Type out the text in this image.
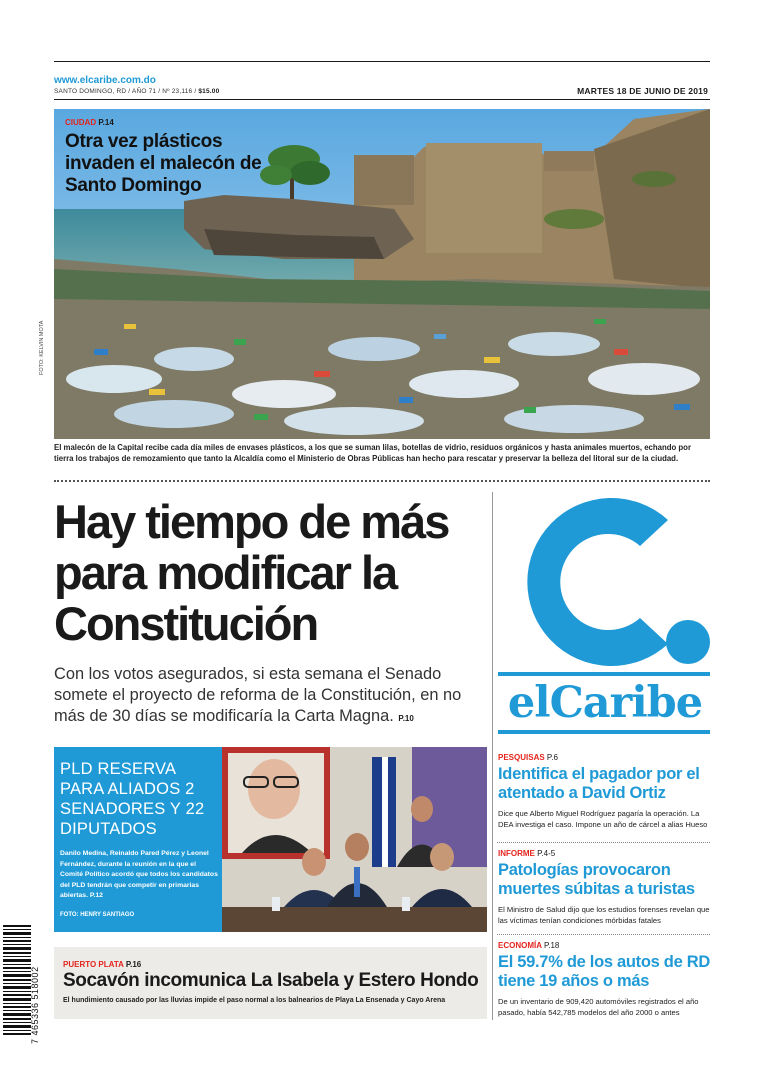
www.elcaribe.com.do
SANTO DOMINGO, RD / AÑO 71 / Nº 23,116 / $15.00	MARTES 18 DE JUNIO DE 2019
CIUDAD P.14
Otra vez plásticos invaden el malecón de Santo Domingo
FOTO: KELVIN MOTA
El malecón de la Capital recibe cada día miles de envases plásticos, a los que se suman lilas, botellas de vidrio, residuos orgánicos y hasta animales muertos, echando por tierra los trabajos de remozamiento que tanto la Alcaldía como el Ministerio de Obras Públicas han hecho para rescatar y preservar la belleza del litoral sur de la ciudad.
Hay tiempo de más para modificar la Constitución
Con los votos asegurados, si esta semana el Senado somete el proyecto de reforma de la Constitución, en no más de 30 días se modificaría la Carta Magna. P.10
PLD RESERVA PARA ALIADOS 2 SENADORES Y 22 DIPUTADOS
Danilo Medina, Reinaldo Pared Pérez y Leonel Fernández, durante la reunión en la que el Comité Político acordó que todos los candidatos del PLD tendrán que competir en primarias abiertas. P.12
FOTO: HENRY SANTIAGO
PUERTO PLATA P.16
Socavón incomunica La Isabela y Estero Hondo
El hundimiento causado por las lluvias impide el paso normal a los balnearios de Playa La Ensenada y Cayo Arena
7 465336 518002
elCaribe
PESQUISAS P.6
Identifica el pagador por el atentado a David Ortiz
Dice que Alberto Miguel Rodríguez pagaría la operación. La DEA investiga el caso. Impone un año de cárcel a alias Hueso
INFORME P.4-5
Patologías provocaron muertes súbitas a turistas
El Ministro de Salud dijo que los estudios forenses revelan que las víctimas tenían condiciones mórbidas fatales
ECONOMÍA P.18
El 59.7% de los autos de RD tiene 19 años o más
De un inventario de 909,420 automóviles registrados el año pasado, había 542,785 modelos del año 2000 o antes
